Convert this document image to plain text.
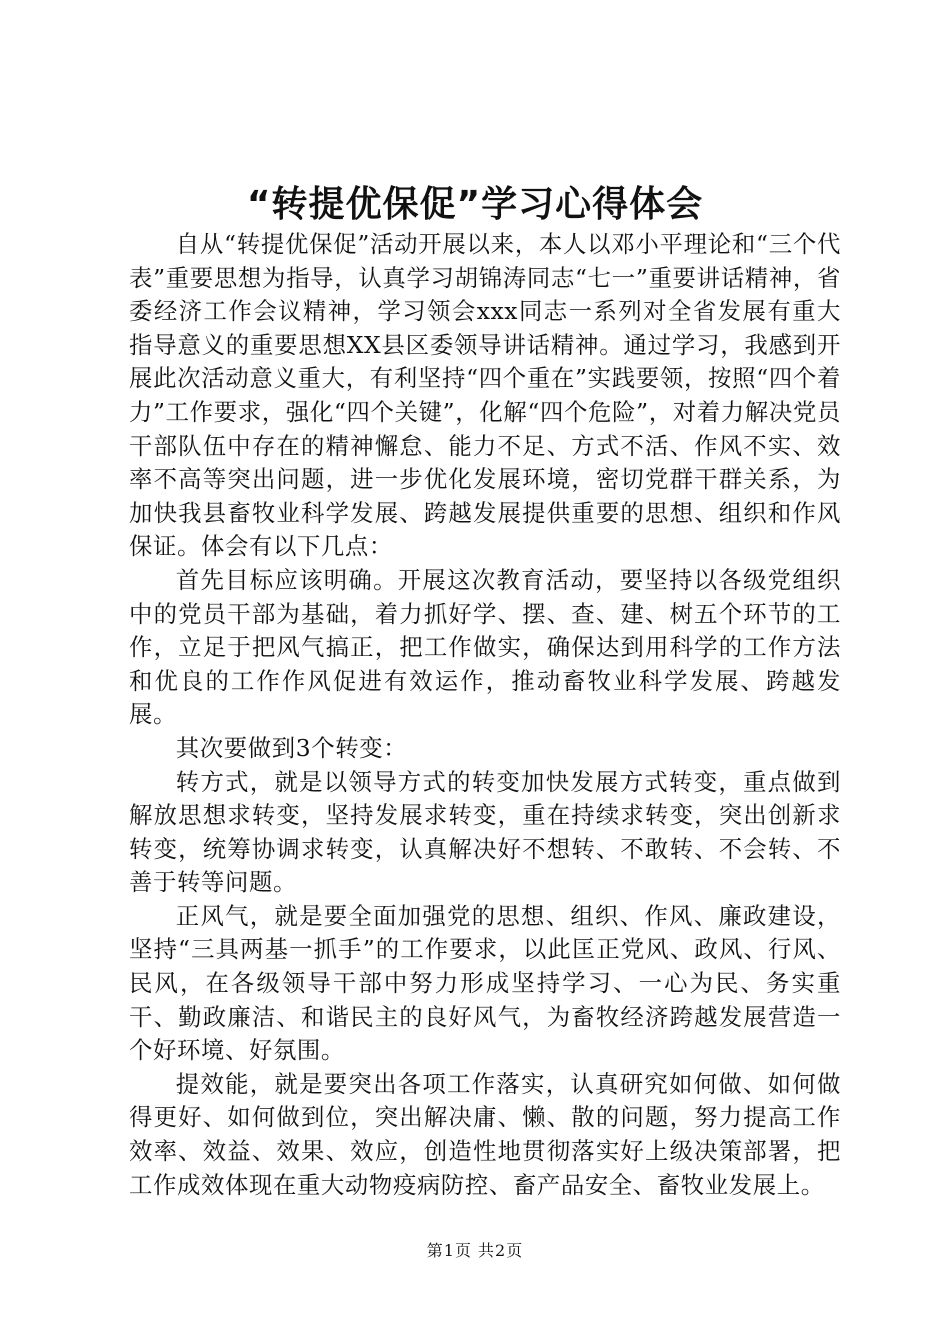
“转提优保促”学习心得体会

自从“转提优保促”活动开展以来，本人以邓小平理论和“三个代表”重要思想为指导，认真学习胡锦涛同志“七一”重要讲话精神，省委经济工作会议精神，学习领会xxx同志一系列对全省发展有重大指导意义的重要思想XX县区委领导讲话精神。通过学习，我感到开展此次活动意义重大，有利坚持“四个重在”实践要领，按照“四个着力”工作要求，强化“四个关键”，化解“四个危险”，对着力解决党员干部队伍中存在的精神懈怠、能力不足、方式不活、作风不实、效率不高等突出问题，进一步优化发展环境，密切党群干群关系，为加快我县畜牧业科学发展、跨越发展提供重要的思想、组织和作风保证。体会有以下几点：

首先目标应该明确。开展这次教育活动，要坚持以各级党组织中的党员干部为基础，着力抓好学、摆、查、建、树五个环节的工作，立足于把风气搞正，把工作做实，确保达到用科学的工作方法和优良的工作作风促进有效运作，推动畜牧业科学发展、跨越发展。

其次要做到3个转变：

转方式，就是以领导方式的转变加快发展方式转变，重点做到解放思想求转变，坚持发展求转变，重在持续求转变，突出创新求转变，统筹协调求转变，认真解决好不想转、不敢转、不会转、不善于转等问题。

正风气，就是要全面加强党的思想、组织、作风、廉政建设，坚持“三具两基一抓手”的工作要求，以此匡正党风、政风、行风、民风，在各级领导干部中努力形成坚持学习、一心为民、务实重干、勤政廉洁、和谐民主的良好风气，为畜牧经济跨越发展营造一个好环境、好氛围。

提效能，就是要突出各项工作落实，认真研究如何做、如何做得更好、如何做到位，突出解决庸、懒、散的问题，努力提高工作效率、效益、效果、效应，创造性地贯彻落实好上级决策部署，把工作成效体现在重大动物疫病防控、畜产品安全、畜牧业发展上。

第1页 共2页
